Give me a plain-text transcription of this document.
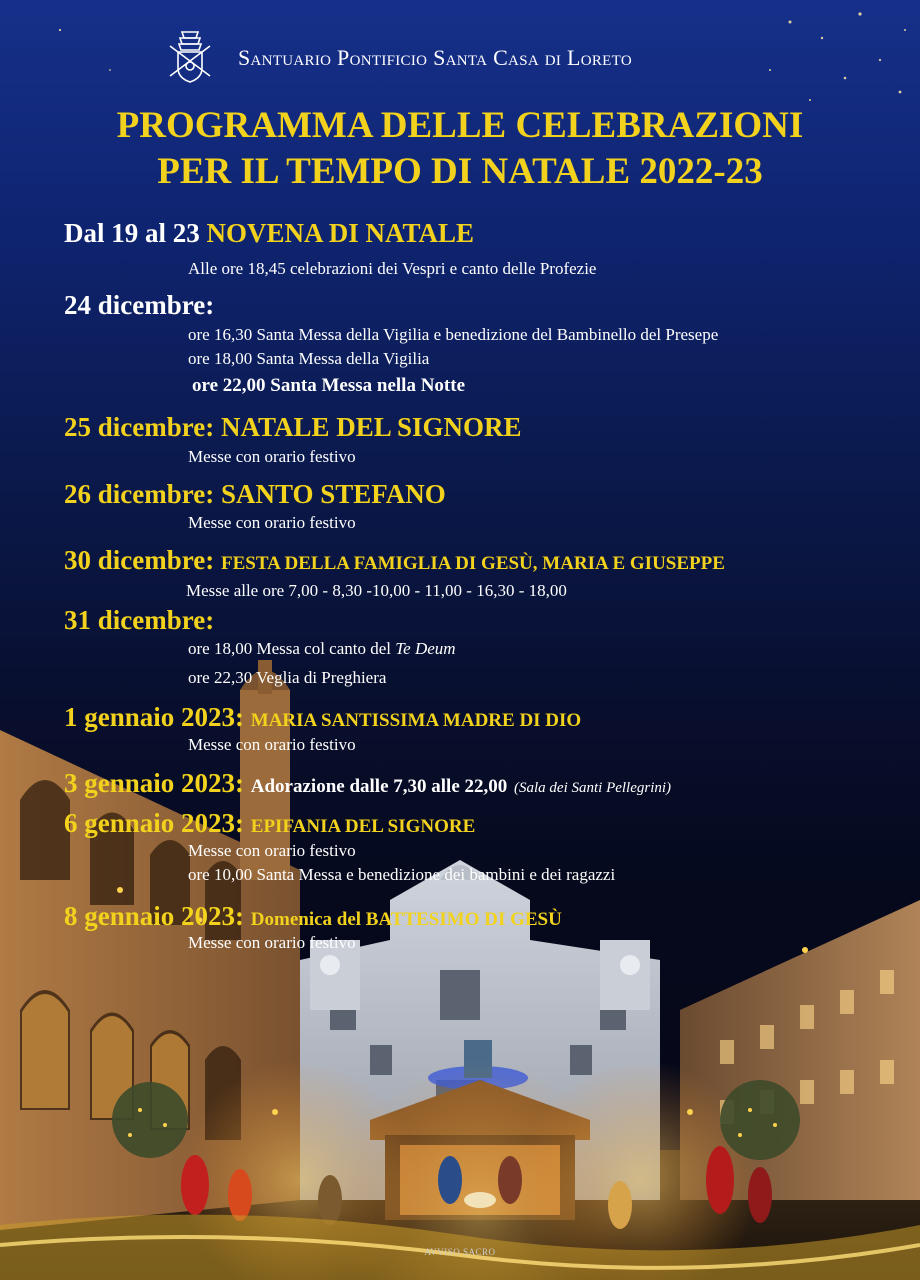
Santuario Pontificio Santa Casa di Loreto
PROGRAMMA DELLE CELEBRAZIONI
PER IL TEMPO DI NATALE 2022-23
Dal 19 al 23 NOVENA DI NATALE
Alle ore 18,45 celebrazioni dei Vespri e canto delle Profezie
24 dicembre:
ore 16,30 Santa Messa della Vigilia e benedizione del Bambinello del Presepe
ore 18,00 Santa Messa della Vigilia
ore 22,00 Santa Messa nella Notte
25 dicembre: NATALE DEL SIGNORE
Messe con orario festivo
26 dicembre: SANTO STEFANO
Messe con orario festivo
30 dicembre: FESTA DELLA FAMIGLIA DI GESÙ, MARIA E GIUSEPPE
Messe alle ore 7,00 - 8,30 -10,00 - 11,00 - 16,30 - 18,00
31 dicembre:
ore 18,00 Messa col canto del Te Deum
ore 22,30 Veglia di Preghiera
1 gennaio 2023: MARIA SANTISSIMA MADRE DI DIO
Messe con orario festivo
3 gennaio 2023: Adorazione dalle 7,30 alle 22,00 (Sala dei Santi Pellegrini)
6 gennaio 2023: EPIFANIA DEL SIGNORE
Messe con orario festivo
ore 10,00 Santa Messa e benedizione dei bambini e dei ragazzi
8 gennaio 2023: Domenica del BATTESIMO DI GESÙ
Messe con orario festivo
AVVISO SACRO
